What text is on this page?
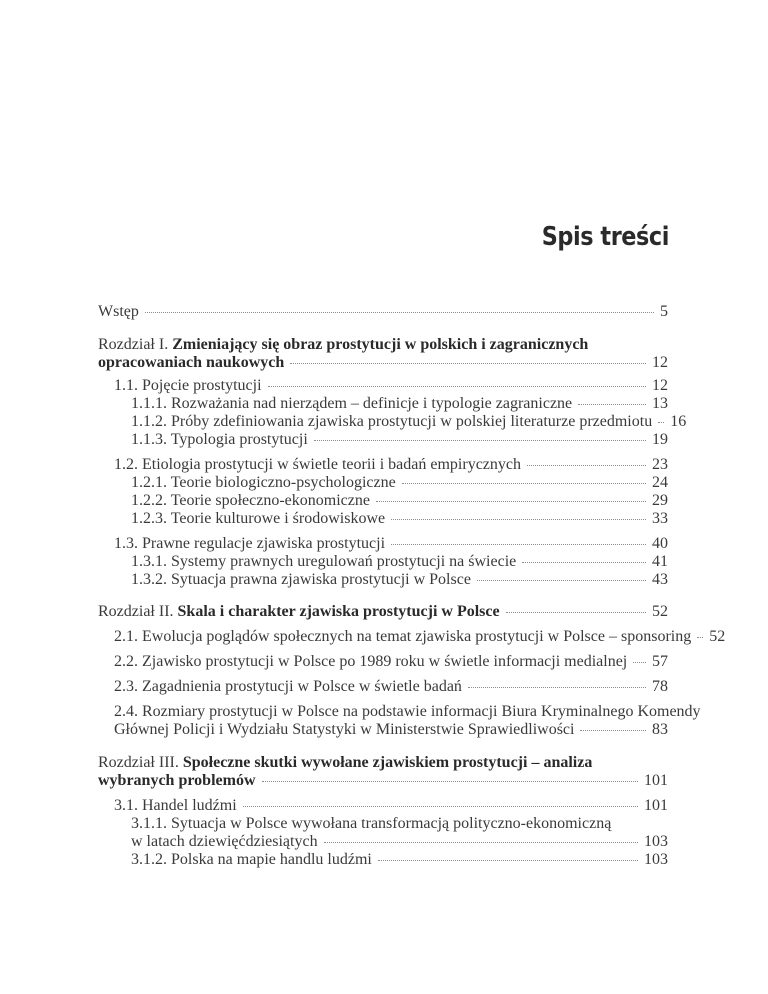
Spis treści
Wstęp	5
Rozdział I. Zmieniający się obraz prostytucji w polskich i zagranicznych
opracowaniach naukowych	12
1.1. Pojęcie prostytucji	12
1.1.1. Rozważania nad nierządem – definicje i typologie zagraniczne	13
1.1.2. Próby zdefiniowania zjawiska prostytucji w polskiej literaturze przedmiotu 16
1.1.3. Typologia prostytucji	19
1.2. Etiologia prostytucji w świetle teorii i badań empirycznych	23
1.2.1. Teorie biologiczno-psychologiczne	24
1.2.2. Teorie społeczno-ekonomiczne	29
1.2.3. Teorie kulturowe i środowiskowe	33
1.3. Prawne regulacje zjawiska prostytucji	40
1.3.1. Systemy prawnych uregulowań prostytucji na świecie	41
1.3.2. Sytuacja prawna zjawiska prostytucji w Polsce	43
Rozdział II. Skala i charakter zjawiska prostytucji w Polsce	52
2.1. Ewolucja poglądów społecznych na temat zjawiska prostytucji w Polsce – sponsoring 52
2.2. Zjawisko prostytucji w Polsce po 1989 roku w świetle informacji medialnej 57
2.3. Zagadnienia prostytucji w Polsce w świetle badań	78
2.4. Rozmiary prostytucji w Polsce na podstawie informacji Biura Kryminalnego Komendy
Głównej Policji i Wydziału Statystyki w Ministerstwie Sprawiedliwości	83
Rozdział III. Społeczne skutki wywołane zjawiskiem prostytucji – analiza
wybranych problemów	101
3.1. Handel ludźmi	101
3.1.1. Sytuacja w Polsce wywołana transformacją polityczno-ekonomiczną
w latach dziewięćdziesiątych	103
3.1.2. Polska na mapie handlu ludźmi	103
